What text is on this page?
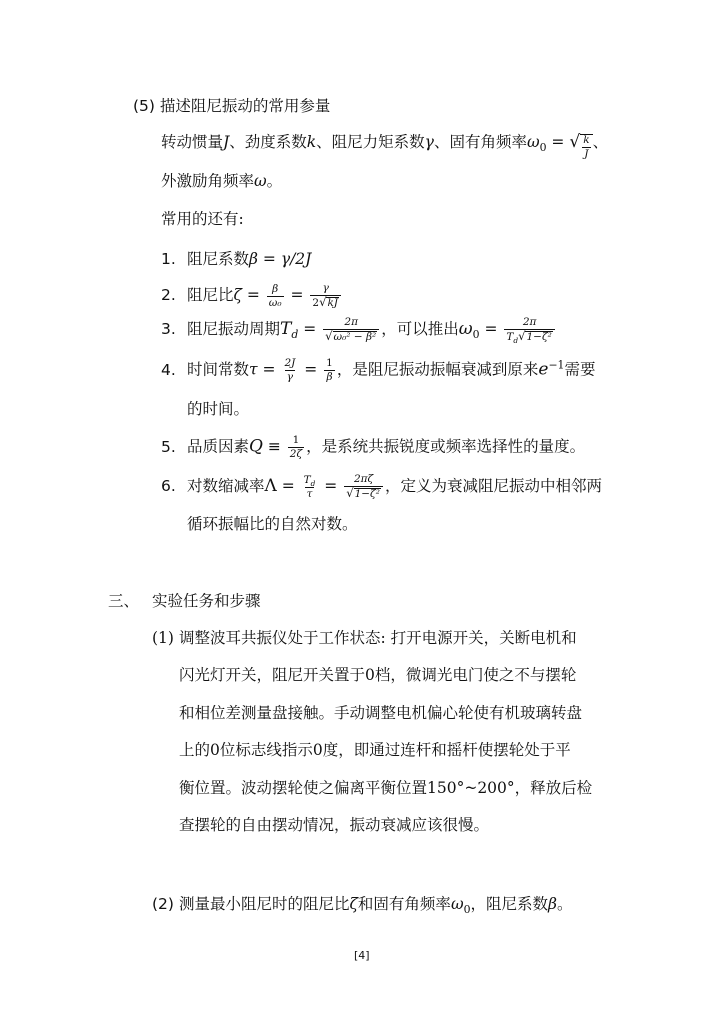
(5) 描述阻尼振动的常用参量
转动惯量J、劲度系数k、阻尼力矩系数γ、固有角频率$\omega_0$ = √ $\frac{k}{J}$ 、
外激励角频率ω。
常用的还有:
1. 阻尼系数β = γ/2J
2. 阻尼比$\zeta = \frac{\beta}{\text{ω₀}} = \frac{\gamma}{2 √ kJ}$
3. 阻尼振动周期$T_d = \frac{2\pi}{\text{√ ω₀² − β²}}$ ，可以推出$\omega_0 = \frac{2\pi}{T_d √ 1-\zeta^2}$
4. 时间常数$\tau = \frac{2J}{\gamma} = \frac{1}{\beta}$ ，是阻尼振动振幅衰减到原来$e^{-1}$需要
的时间。
5. 品质因素$Q \equiv \frac{1}{2\zeta}$ ，是系统共振锐度或频率选择性的量度。
6. 对数缩减率$\Lambda = \frac{T_d}{\tau} = \frac{2\pi\zeta}{\text{√ 1−ζ²}}$ ，定义为衰减阻尼振动中相邻两
循环振幅比的自然对数。
三、 实验任务和步骤
(1) 调整波耳共振仪处于工作状态: 打开电源开关，关断电机和
闪光灯开关，阻尼开关置于0档，微调光电门使之不与摆轮
和相位差测量盘接触。手动调整电机偏心轮使有机玻璃转盘
上的0位标志线指示0度，即通过连杆和摇杆使摆轮处于平
衡位置。波动摆轮使之偏离平衡位置150°~200°，释放后检
查摆轮的自由摆动情况，振动衰减应该很慢。
(2) 测量最小阻尼时的阻尼比ζ和固有角频率$\omega_0$，阻尼系数β。
[4]
